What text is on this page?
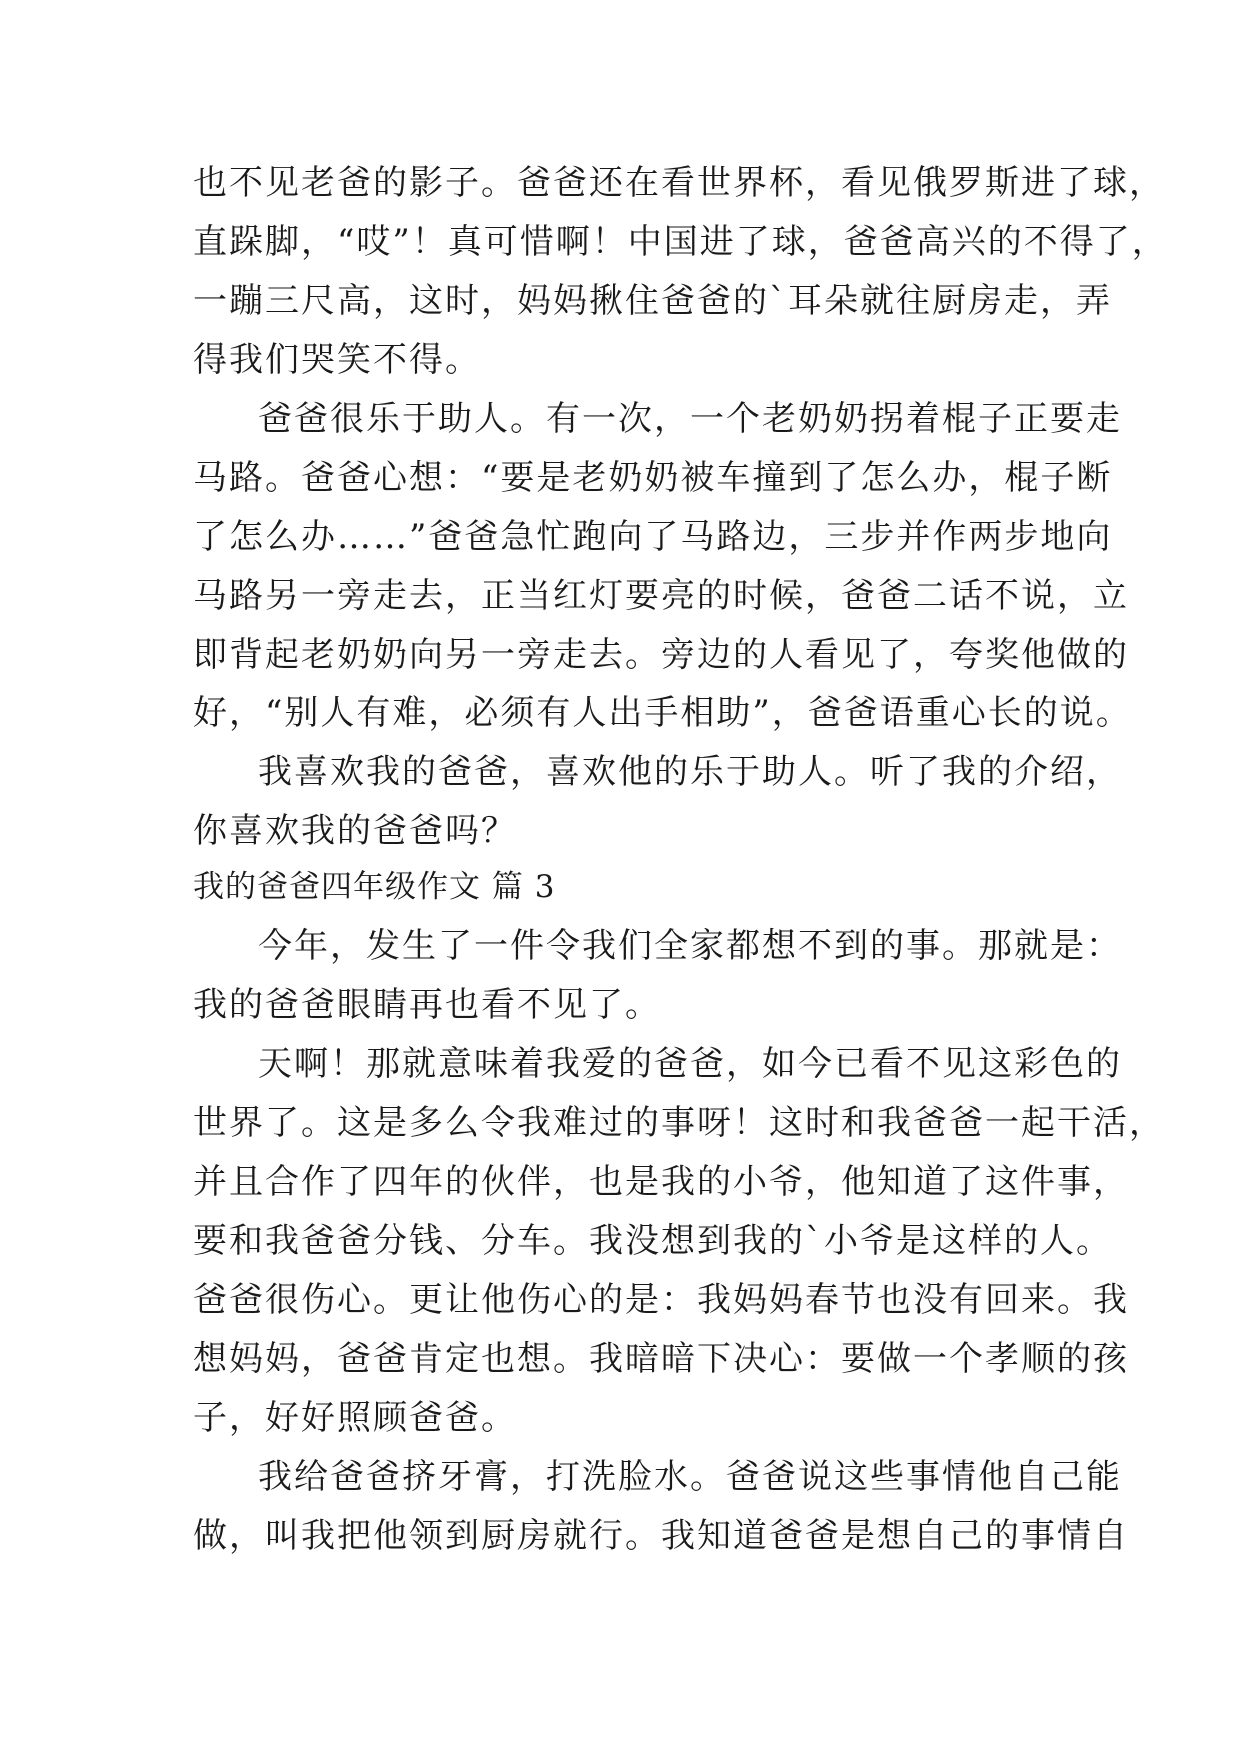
也不见老爸的影子。爸爸还在看世界杯，看见俄罗斯进了球，
直跺脚，“哎”！真可惜啊！中国进了球，爸爸高兴的不得了，
一蹦三尺高，这时，妈妈揪住爸爸的`耳朵就往厨房走，弄
得我们哭笑不得。
爸爸很乐于助人。有一次，一个老奶奶拐着棍子正要走
马路。爸爸心想：“要是老奶奶被车撞到了怎么办，棍子断
了怎么办……”爸爸急忙跑向了马路边，三步并作两步地向
马路另一旁走去，正当红灯要亮的时候，爸爸二话不说，立
即背起老奶奶向另一旁走去。旁边的人看见了，夸奖他做的
好，“别人有难，必须有人出手相助”，爸爸语重心长的说。
我喜欢我的爸爸，喜欢他的乐于助人。听了我的介绍，
你喜欢我的爸爸吗？
我的爸爸四年级作文 篇 3
今年，发生了一件令我们全家都想不到的事。那就是：
我的爸爸眼睛再也看不见了。
天啊！那就意味着我爱的爸爸，如今已看不见这彩色的
世界了。这是多么令我难过的事呀！这时和我爸爸一起干活，
并且合作了四年的伙伴，也是我的小爷，他知道了这件事，
要和我爸爸分钱、分车。我没想到我的`小爷是这样的人。
爸爸很伤心。更让他伤心的是：我妈妈春节也没有回来。我
想妈妈，爸爸肯定也想。我暗暗下决心：要做一个孝顺的孩
子，好好照顾爸爸。
我给爸爸挤牙膏，打洗脸水。爸爸说这些事情他自己能
做，叫我把他领到厨房就行。我知道爸爸是想自己的事情自
